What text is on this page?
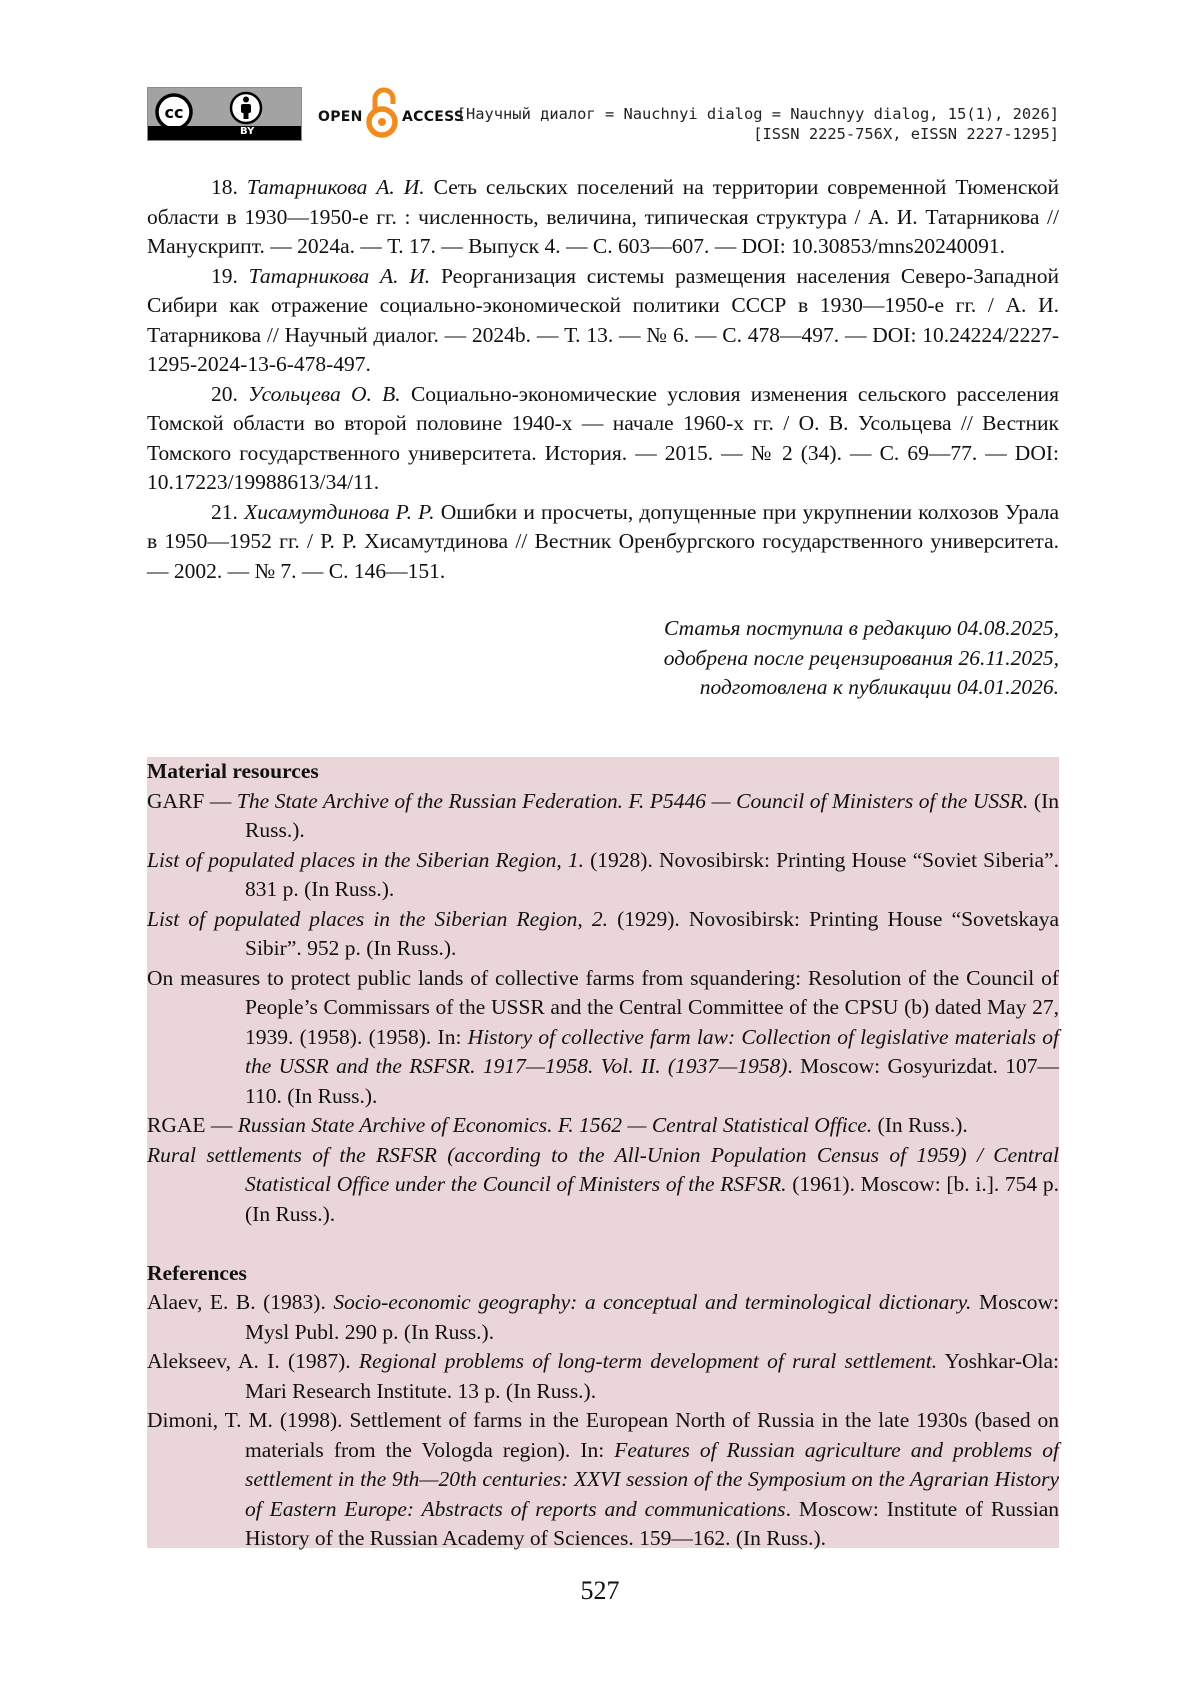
cc
BY
OPEN	ACCESS
[Научный диалог = Nauchnyi dialog = Nauchnyy dialog, 15(1), 2026]
[ISSN 2225-756X, eISSN 2227-1295]

18. Татарникова А. И. Сеть сельских поселений на территории современной Тюменской области в 1930—1950-е гг. : численность, величина, типическая структура / А. И. Татарникова // Манускрипт. — 2024a. — Т. 17. — Выпуск 4. — С. 603—607. — DOI: 10.30853/mns20240091.

19. Татарникова А. И. Реорганизация системы размещения населения Северо-Западной Сибири как отражение социально-экономической политики СССР в 1930—1950-е гг. / А. И. Татарникова // Научный диалог. — 2024b. — Т. 13. — № 6. — С. 478—497. — DOI: 10.24224/2227-1295-2024-13-6-478-497.

20. Усольцева О. В. Социально-экономические условия изменения сельского расселения Томской области во второй половине 1940-х — начале 1960-х гг. / О. В. Усольцева // Вестник Томского государственного университета. История. — 2015. — № 2 (34). — С. 69—77. — DOI: 10.17223/19988613/34/11.

21. Хисамутдинова Р. Р. Ошибки и просчеты, допущенные при укрупнении колхозов Урала в 1950—1952 гг. / Р. Р. Хисамутдинова // Вестник Оренбургского государственного университета. — 2002. — № 7. — С. 146—151.

Статья поступила в редакцию 04.08.2025,
одобрена после рецензирования 26.11.2025,
подготовлена к публикации 04.01.2026.

Material resources

GARF — The State Archive of the Russian Federation. F. P5446 — Council of Ministers of the USSR. (In Russ.).

List of populated places in the Siberian Region, 1. (1928). Novosibirsk: Printing House “Soviet Siberia”. 831 p. (In Russ.).

List of populated places in the Siberian Region, 2. (1929). Novosibirsk: Printing House “Sovetskaya Sibir”. 952 p. (In Russ.).

On measures to protect public lands of collective farms from squandering: Resolution of the Council of People’s Commissars of the USSR and the Central Committee of the CPSU (b) dated May 27, 1939. (1958). (1958). In: History of collective farm law: Collection of legislative materials of the USSR and the RSFSR. 1917—1958. Vol. II. (1937—1958). Moscow: Gosyurizdat. 107—110. (In Russ.).

RGAE — Russian State Archive of Economics. F. 1562 — Central Statistical Office. (In Russ.).

Rural settlements of the RSFSR (according to the All-Union Population Census of 1959) / Central Statistical Office under the Council of Ministers of the RSFSR. (1961). Moscow: [b. i.]. 754 p. (In Russ.).

References

Alaev, E. B. (1983). Socio-economic geography: a conceptual and terminological dictionary. Moscow: Mysl Publ. 290 p. (In Russ.).

Alekseev, A. I. (1987). Regional problems of long-term development of rural settlement. Yoshkar-Ola: Mari Research Institute. 13 p. (In Russ.).

Dimoni, T. M. (1998). Settlement of farms in the European North of Russia in the late 1930s (based on materials from the Vologda region). In: Features of Russian agriculture and problems of settlement in the 9th—20th centuries: XXVI session of the Symposium on the Agrarian History of Eastern Europe: Abstracts of reports and communications. Moscow: Institute of Russian History of the Russian Academy of Sciences. 159—162. (In Russ.).

527
